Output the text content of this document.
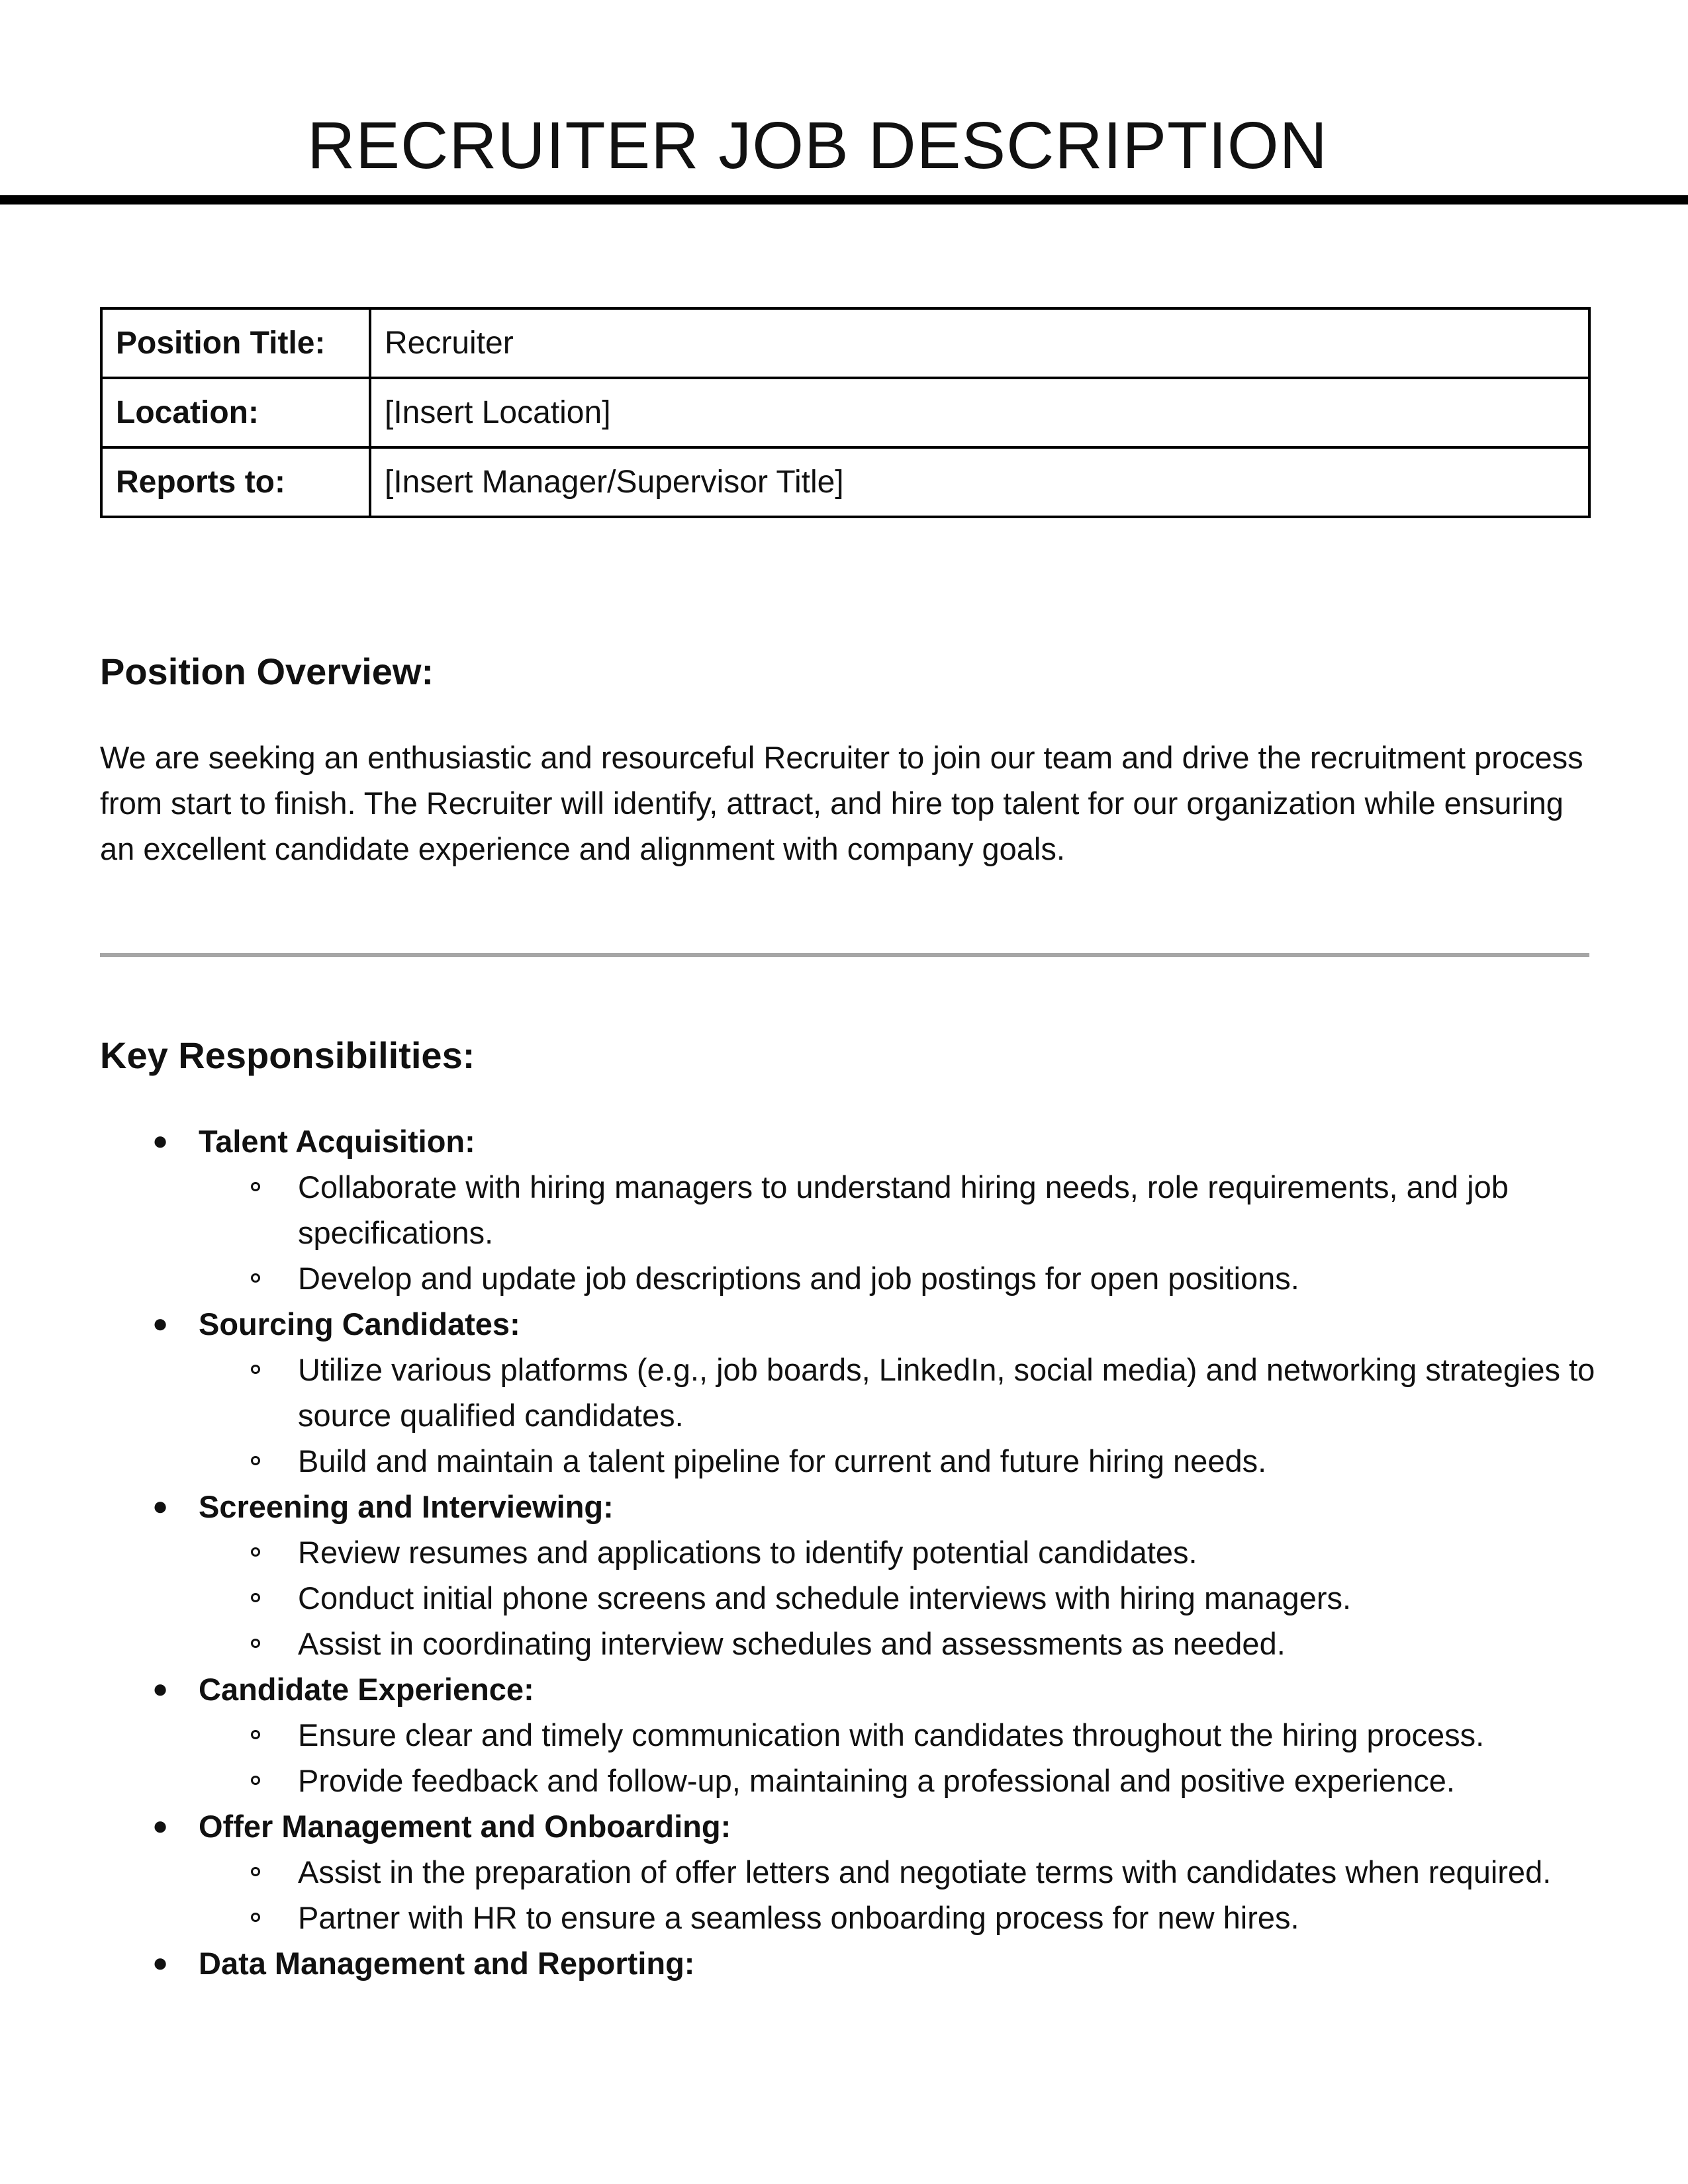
RECRUITER JOB DESCRIPTION
Position Title:	Recruiter
Location:	[Insert Location]
Reports to:	[Insert Manager/Supervisor Title]
Position Overview:

We are seeking an enthusiastic and resourceful Recruiter to join our team and drive the recruitment process from start to finish. The Recruiter will identify, attract, and hire top talent for our organization while ensuring an excellent candidate experience and alignment with company goals.

Key Responsibilities:
● Talent Acquisition:
Collaborate with hiring managers to understand hiring needs, role requirements, and job specifications.
Develop and update job descriptions and job postings for open positions.
● Sourcing Candidates:
Utilize various platforms (e.g., job boards, LinkedIn, social media) and networking strategies to source qualified candidates.
Build and maintain a talent pipeline for current and future hiring needs.
● Screening and Interviewing:
Review resumes and applications to identify potential candidates.
Conduct initial phone screens and schedule interviews with hiring managers.
Assist in coordinating interview schedules and assessments as needed.
● Candidate Experience:
Ensure clear and timely communication with candidates throughout the hiring process.
Provide feedback and follow-up, maintaining a professional and positive experience.
● Offer Management and Onboarding:
Assist in the preparation of offer letters and negotiate terms with candidates when required.
Partner with HR to ensure a seamless onboarding process for new hires.
● Data Management and Reporting:
